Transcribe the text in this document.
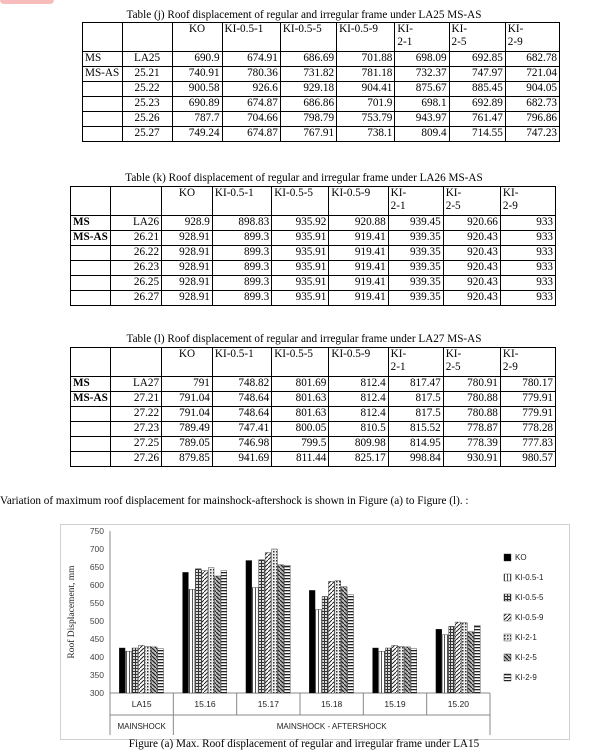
Table (j) Roof displacement of regular and irregular frame under LA25 MS-AS
		KO	KI-0.5-1	KI-0.5-5	KI-0.5-9	KI-
2-1	KI-
2-5	KI-
2-9
MS	LA25	690.9	674.91	686.69	701.88	698.09	692.85	682.78
MS-AS	25.21	740.91	780.36	731.82	781.18	732.37	747.97	721.04
	25.22	900.58	926.6	929.18	904.41	875.67	885.45	904.05
	25.23	690.89	674.87	686.86	701.9	698.1	692.89	682.73
	25.26	787.7	704.66	798.79	753.79	943.97	761.47	796.86
	25.27	749.24	674.87	767.91	738.1	809.4	714.55	747.23
Table (k) Roof displacement of regular and irregular frame under LA26 MS-AS
		KO	KI-0.5-1	KI-0.5-5	KI-0.5-9	KI-
2-1	KI-
2-5	KI-
2-9
MS	LA26	928.9	898.83	935.92	920.88	939.45	920.66	933
MS-AS	26.21	928.91	899.3	935.91	919.41	939.35	920.43	933
	26.22	928.91	899.3	935.91	919.41	939.35	920.43	933
	26.23	928.91	899.3	935.91	919.41	939.35	920.43	933
	26.25	928.91	899.3	935.91	919.41	939.35	920.43	933
	26.27	928.91	899.3	935.91	919.41	939.35	920.43	933
Table (l) Roof displacement of regular and irregular frame under LA27 MS-AS
		KO	KI-0.5-1	KI-0.5-5	KI-0.5-9	KI-
2-1	KI-
2-5	KI-
2-9
MS	LA27	791	748.82	801.69	812.4	817.47	780.91	780.17
MS-AS	27.21	791.04	748.64	801.63	812.4	817.5	780.88	779.91
	27.22	791.04	748.64	801.63	812.4	817.5	780.88	779.91
	27.23	789.49	747.41	800.05	810.5	815.52	778.87	778.28
	27.25	789.05	746.98	799.5	809.98	814.95	778.39	777.83
	27.26	879.85	941.69	811.44	825.17	998.84	930.91	980.57
Variation of maximum roof displacement for mainshock-aftershock is shown in Figure (a) to Figure (l). :
300
350
400
450
500
550
600
650
700
750
Roof Displacement, mm
LA15	15.16	15.17	15.18	15.19	15.20
MAINSHOCK	MAINSHOCK - AFTERSHOCK
KO
KI-0.5-1
KI-0.5-5
KI-0.5-9
KI-2-1
KI-2-5
KI-2-9
Figure (a) Max. Roof displacement of regular and irregular frame under LA15
